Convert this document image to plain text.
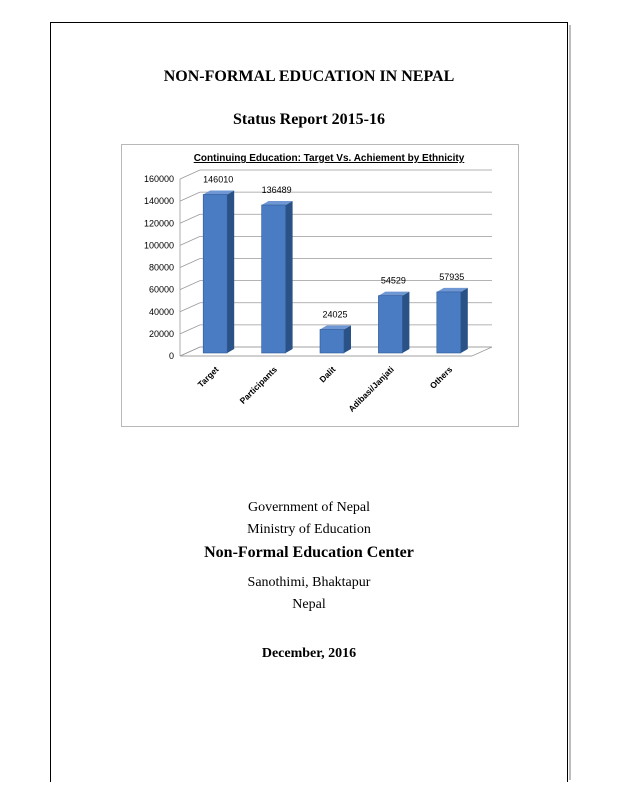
NON-FORMAL EDUCATION IN NEPAL
Status Report 2015-16
Continuing Education: Target Vs. Achiement by Ethnicity
0
20000
40000
60000
80000
100000
120000
140000
160000	146010
Target
136489
Participants
24025
Dalit
54529
Adibasi/Janjati
57935
Others
Government of Nepal
Ministry of Education
Non-Formal Education Center
Sanothimi, Bhaktapur
Nepal
December, 2016
